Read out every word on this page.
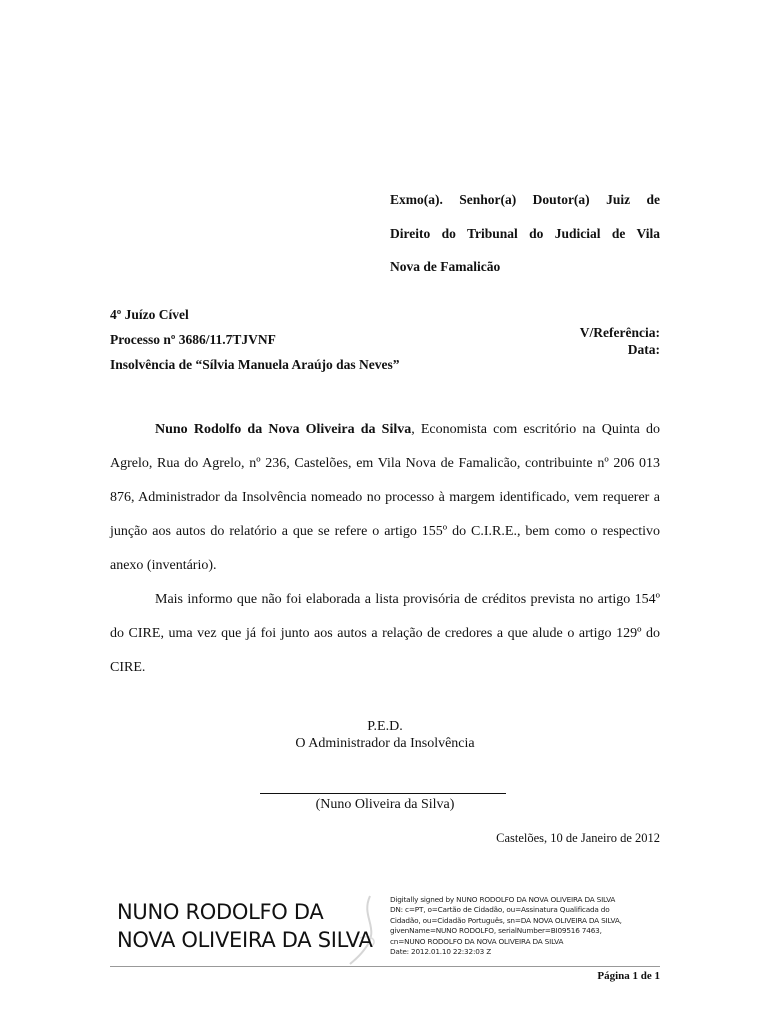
Exmo(a). Senhor(a) Doutor(a) Juiz de
Direito do Tribunal do Judicial de Vila
Nova de Famalicão
4º Juízo Cível
Processo nº 3686/11.7TJVNF
Insolvência de “Sílvia Manuela Araújo das Neves”
V/Referência:
Data:

Nuno Rodolfo da Nova Oliveira da Silva, Economista com escritório na Quinta do Agrelo, Rua do Agrelo, nº 236, Castelões, em Vila Nova de Famalicão, contribuinte nº 206 013 876, Administrador da Insolvência nomeado no processo à margem identificado, vem requerer a junção aos autos do relatório a que se refere o artigo 155º do C.I.R.E., bem como o respectivo anexo (inventário).

Mais informo que não foi elaborada a lista provisória de créditos prevista no artigo 154º do CIRE, uma vez que já foi junto aos autos a relação de credores a que alude o artigo 129º do CIRE.

P.E.D.
O Administrador da Insolvência
(Nuno Oliveira da Silva)
Castelões, 10 de Janeiro de 2012
NUNO RODOLFO DA
NOVA OLIVEIRA DA SILVA
Digitally signed by NUNO RODOLFO DA NOVA OLIVEIRA DA SILVA
DN: c=PT, o=Cartão de Cidadão, ou=Assinatura Qualificada do
Cidadão, ou=Cidadão Português, sn=DA NOVA OLIVEIRA DA SILVA,
givenName=NUNO RODOLFO, serialNumber=BI09516 7463,
cn=NUNO RODOLFO DA NOVA OLIVEIRA DA SILVA
Date: 2012.01.10 22:32:03 Z
Página 1 de 1
